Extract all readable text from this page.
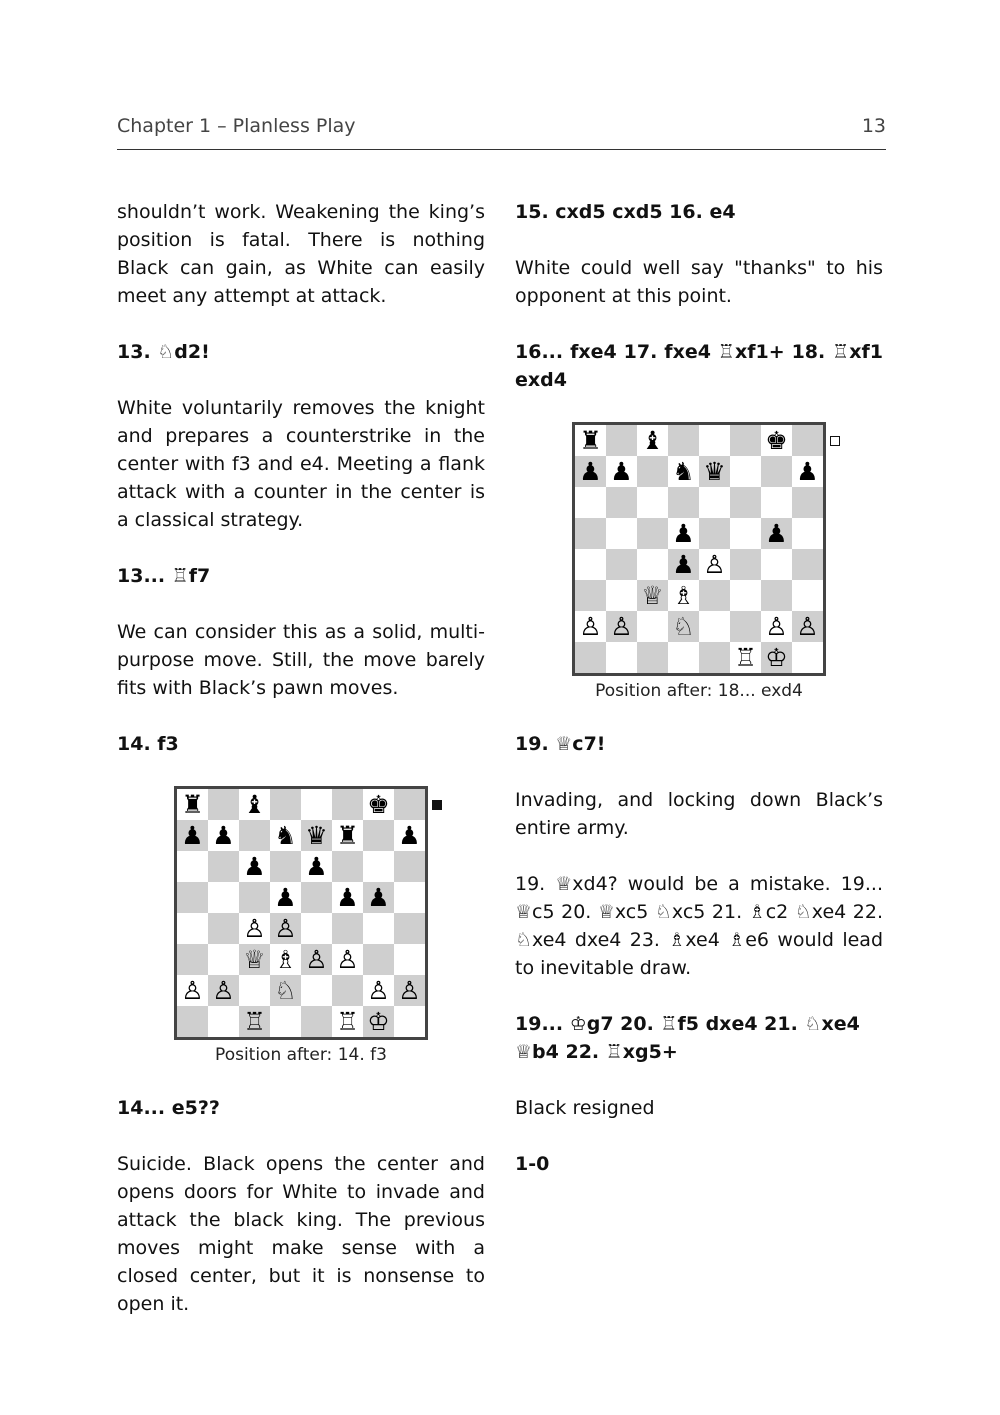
Chapter 1 – Planless Play	13

shouldn’t work. Weakening the king’s position is fatal. There is nothing Black can gain, as White can easily meet any attempt at attack.

13. ♘d2!

White voluntarily removes the knight and prepares a counterstrike in the center with f3 and e4. Meeting a flank attack with a counter in the center is a classical strategy.

13... ♖f7

We can consider this as a solid, multipurpose move. Still, the move barely fits with Black’s pawn moves.

14. f3

♜ ♝	♚
♟ ♟ ♞ ♛ ♜ ♟
♟ ♟
♟ ♟ ♟
♙ ♙
♕ ♗ ♙ ♙
♙ ♙ ♘	♙ ♙
♖	♖ ♔
Position after: 14. f3

14... e5??

Suicide. Black opens the center and opens doors for White to invade and attack the black king. The previous moves might make sense with a closed center, but it is nonsense to open it.

15. cxd5 cxd5 16. e4

White could well say "thanks" to his opponent at this point.

16... fxe4 17. fxe4 ♖xf1+ 18. ♖xf1 exd4

♜ ♝	♚
♟ ♟ ♞ ♛	♟
♟	♟
♟ ♙
♕ ♗
♙ ♙ ♘	♙ ♙
♖ ♔
Position after: 18... exd4

19. ♕c7!

Invading, and locking down Black’s entire army.

19. ♕xd4? would be a mistake. 19... ♕c5 20. ♕xc5 ♘xc5 21. ♗c2 ♘xe4 22. ♘xe4 dxe4 23. ♗xe4 ♗e6 would lead to inevitable draw.

19... ♔g7 20. ♖f5 dxe4 21. ♘xe4 ♕b4 22. ♖xg5+

Black resigned

1-0
